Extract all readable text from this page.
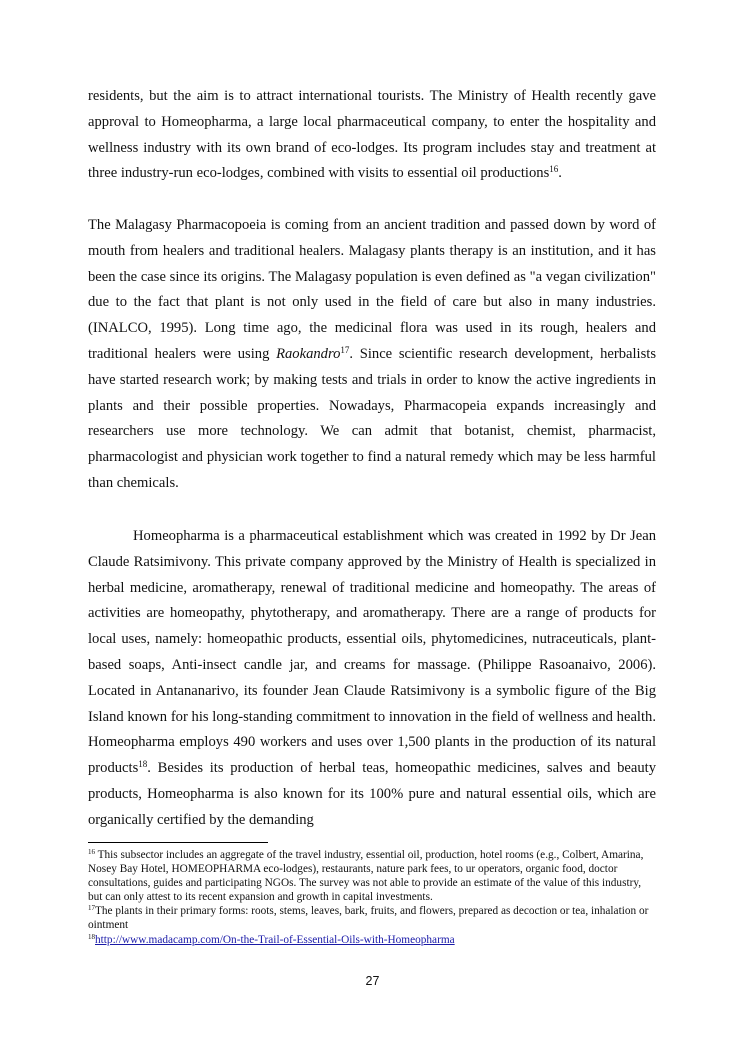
residents, but the aim is to attract international tourists. The Ministry of Health recently gave approval to Homeopharma, a large local pharmaceutical company, to enter the hospitality and wellness industry with its own brand of eco-lodges. Its program includes stay and treatment at three industry-run eco-lodges, combined with visits to essential oil productions$^{16}$.

The Malagasy Pharmacopoeia is coming from an ancient tradition and passed down by word of mouth from healers and traditional healers. Malagasy plants therapy is an institution, and it has been the case since its origins. The Malagasy population is even defined as "a vegan civilization" due to the fact that plant is not only used in the field of care but also in many industries. (INALCO, 1995). Long time ago, the medicinal flora was used in its rough, healers and traditional healers were using Raokandro$^{17}$. Since scientific research development, herbalists have started research work; by making tests and trials in order to know the active ingredients in plants and their possible properties. Nowadays, Pharmacopeia expands increasingly and researchers use more technology. We can admit that botanist, chemist, pharmacist, pharmacologist and physician work together to find a natural remedy which may be less harmful than chemicals.

Homeopharma is a pharmaceutical establishment which was created in 1992 by Dr Jean Claude Ratsimivony. This private company approved by the Ministry of Health is specialized in herbal medicine, aromatherapy, renewal of traditional medicine and homeopathy. The areas of activities are homeopathy, phytotherapy, and aromatherapy. There are a range of products for local uses, namely: homeopathic products, essential oils, phytomedicines, nutraceuticals, plant-based soaps, Anti-insect candle jar, and creams for massage. (Philippe Rasoanaivo, 2006). Located in Antananarivo, its founder Jean Claude Ratsimivony is a symbolic figure of the Big Island known for his long-standing commitment to innovation in the field of wellness and health. Homeopharma employs 490 workers and uses over 1,500 plants in the production of its natural products$^{18}$. Besides its production of herbal teas, homeopathic medicines, salves and beauty products, Homeopharma is also known for its 100% pure and natural essential oils, which are organically certified by the demanding

$^{16}$ This subsector includes an aggregate of the travel industry, essential oil, production, hotel rooms (e.g., Colbert, Amarina, Nosey Bay Hotel, HOMEOPHARMA eco-lodges), restaurants, nature park fees, to ur operators, organic food, doctor consultations, guides and participating NGOs. The survey was not able to provide an estimate of the value of this industry, but can only attest to its recent expansion and growth in capital investments.

$^{17}$The plants in their primary forms: roots, stems, leaves, bark, fruits, and flowers, prepared as decoction or tea, inhalation or ointment

$^{18}$http://www.madacamp.com/On-the-Trail-of-Essential-Oils-with-Homeopharma

27
